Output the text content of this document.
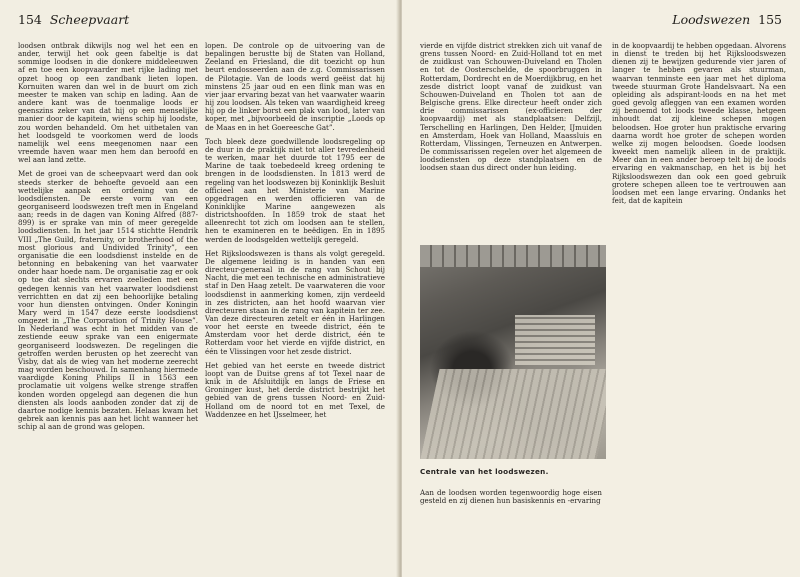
154 Scheepvaart

loodsen ontbrak dikwijls nog wel het een en ander, terwijl het ook geen fabeltje is dat sommige loodsen in die donkere middeleeuwen af en toe een koopvaarder met rijke lading met opzet hoog op een zandbank lieten lopen. Kornuiten waren dan wel in de buurt om zich meester te maken van schip en lading. Aan de andere kant was de toenmalige loods er geenszins zeker van dat hij op een menselijke manier door de kapitein, wiens schip hij loodste, zou worden behandeld. Om het uitbetalen van het loodsgeld te voorkomen werd de loods namelijk wel eens meegenomen naar een vreemde haven waar men hem dan beroofd en wel aan land zette.

Met de groei van de scheepvaart werd dan ook steeds sterker de behoefte gevoeld aan een wettelijke aanpak en ordening van de loodsdiensten. De eerste vorm van een georganiseerd loodswezen treft men in Engeland aan; reeds in de dagen van Koning Alfred (887-899) is er sprake van min of meer geregelde loodsdiensten. In het jaar 1514 stichtte Hendrik VIII „The Guild, fraternity, or brotherhood of the most glorious and Undivided Trinity”, een organisatie die een loodsdienst instelde en de betonning en bebakening van het vaarwater onder haar hoede nam. De organisatie zag er ook op toe dat slechts ervaren zeelieden met een gedegen kennis van het vaarwater loodsdienst verrichtten en dat zij een behoorlijke betaling voor hun diensten ontvingen. Onder Koningin Mary werd in 1547 deze eerste loodsdienst omgezet in „The Corporation of Trinity House”. In Nederland was echt in het midden van de zestiende eeuw sprake van een enigermate georganiseerd loodswezen. De regelingen die getroffen werden berusten op het zeerecht van Visby, dat als de wieg van het moderne zeerecht mag worden beschouwd. In samenhang hiermede vaardigde Koning Philips II in 1563 een proclamatie uit volgens welke strenge straffen konden worden opgelegd aan degenen die hun diensten als loods aanboden zonder dat zij de daartoe nodige kennis bezaten. Helaas kwam het gebrek aan kennis pas aan het licht wanneer het schip al aan de grond was gelopen.

lopen. De controle op de uitvoering van de bepalingen berustte bij de Staten van Holland, Zeeland en Friesland, die dit toezicht op hun beurt endosseerden aan de z.g. Commissarissen de Pilotagie. Van de loods werd geëist dat hij minstens 25 jaar oud en een flink man was en vier jaar ervaring bezat van het vaarwater waarin hij zou loodsen. Als teken van waardigheid kreeg hij op de linker borst een plak van lood, later van koper, met „bijvoorbeeld de inscriptie „Loods op de Maas en in het Goereesche Gat”.

Toch bleek deze goedwillende loodsregeling op de duur in de praktijk niet tot aller tevredenheid te werken, maar het duurde tot 1795 eer de Marine de taak toebedeeld kreeg ordening te brengen in de loodsdiensten. In 1813 werd de regeling van het loodswezen bij Koninklijk Besluit officieel aan het Ministerie van Marine opgedragen en werden officieren van de Koninklijke Marine aangewezen als districtshoofden. In 1859 trok de staat het alleenrecht tot zich om loodsen aan te stellen, hen te examineren en te beëdigen. En in 1895 werden de loodsgelden wettelijk geregeld.

Het Rijksloodswezen is thans als volgt geregeld. De algemene leiding is in handen van een directeur-generaal in de rang van Schout bij Nacht, die met een technische en administratieve staf in Den Haag zetelt. De vaarwateren die voor loodsdienst in aanmerking komen, zijn verdeeld in zes districten, aan het hoofd waarvan vier directeuren staan in de rang van kapitein ter zee. Van deze directeuren zetelt er één in Harlingen voor het eerste en tweede district, één te Amsterdam voor het derde district, één te Rotterdam voor het vierde en vijfde district, en één te Vlissingen voor het zesde district.

Het gebied van het eerste en tweede district loopt van de Duitse grens af tot Texel naar de knik in de Afsluitdijk en langs de Friese en Groninger kust, het derde district bestrijkt het gebied van de grens tussen Noord- en Zuid-Holland om de noord tot en met Texel, de Waddenzee en het IJsselmeer, het

Loodswezen 155

vierde en vijfde district strekken zich uit vanaf de grens tussen Noord- en Zuid-Holland tot en met de zuidkust van Schouwen-Duiveland en Tholen en tot de Oosterschelde, de spoorbruggen in Rotterdam, Dordrecht en de Moerdijkbrug, en het zesde district loopt vanaf de zuidkust van Schouwen-Duiveland en Tholen tot aan de Belgische grens. Elke directeur heeft onder zich drie commissarissen (ex-officieren der koopvaardij) met als standplaatsen: Delfzijl, Terschelling en Harlingen, Den Helder, IJmuiden en Amsterdam, Hoek van Holland, Maassluis en Rotterdam, Vlissingen, Terneuzen en Antwerpen. De commissarissen regelen over het algemeen de loodsdiensten op deze standplaatsen en de loodsen staan dus direct onder hun leiding.

Centrale van het loodswezen.

Aan de loodsen worden tegenwoordig hoge eisen gesteld en zij dienen hun basiskennis en -ervaring

in de koopvaardij te hebben opgedaan. Alvorens in dienst te treden bij het Rijksloodswezen dienen zij te bewijzen gedurende vier jaren of langer te hebben gevaren als stuurman, waarvan tenminste een jaar met het diploma tweede stuurman Grote Handelsvaart. Na een opleiding als adspirant-loods en na het met goed gevolg afleggen van een examen worden zij benoemd tot loods tweede klasse, hetgeen inhoudt dat zij kleine schepen mogen beloodsen. Hoe groter hun praktische ervaring daarna wordt hoe groter de schepen worden welke zij mogen beloodsen. Goede loodsen kweekt men namelijk alleen in de praktijk. Meer dan in een ander beroep telt bij de loods ervaring en vakmanschap, en het is bij het Rijksloodswezen dan ook een goed gebruik grotere schepen alleen toe te vertrouwen aan loodsen met een lange ervaring. Ondanks het feit, dat de kapitein
